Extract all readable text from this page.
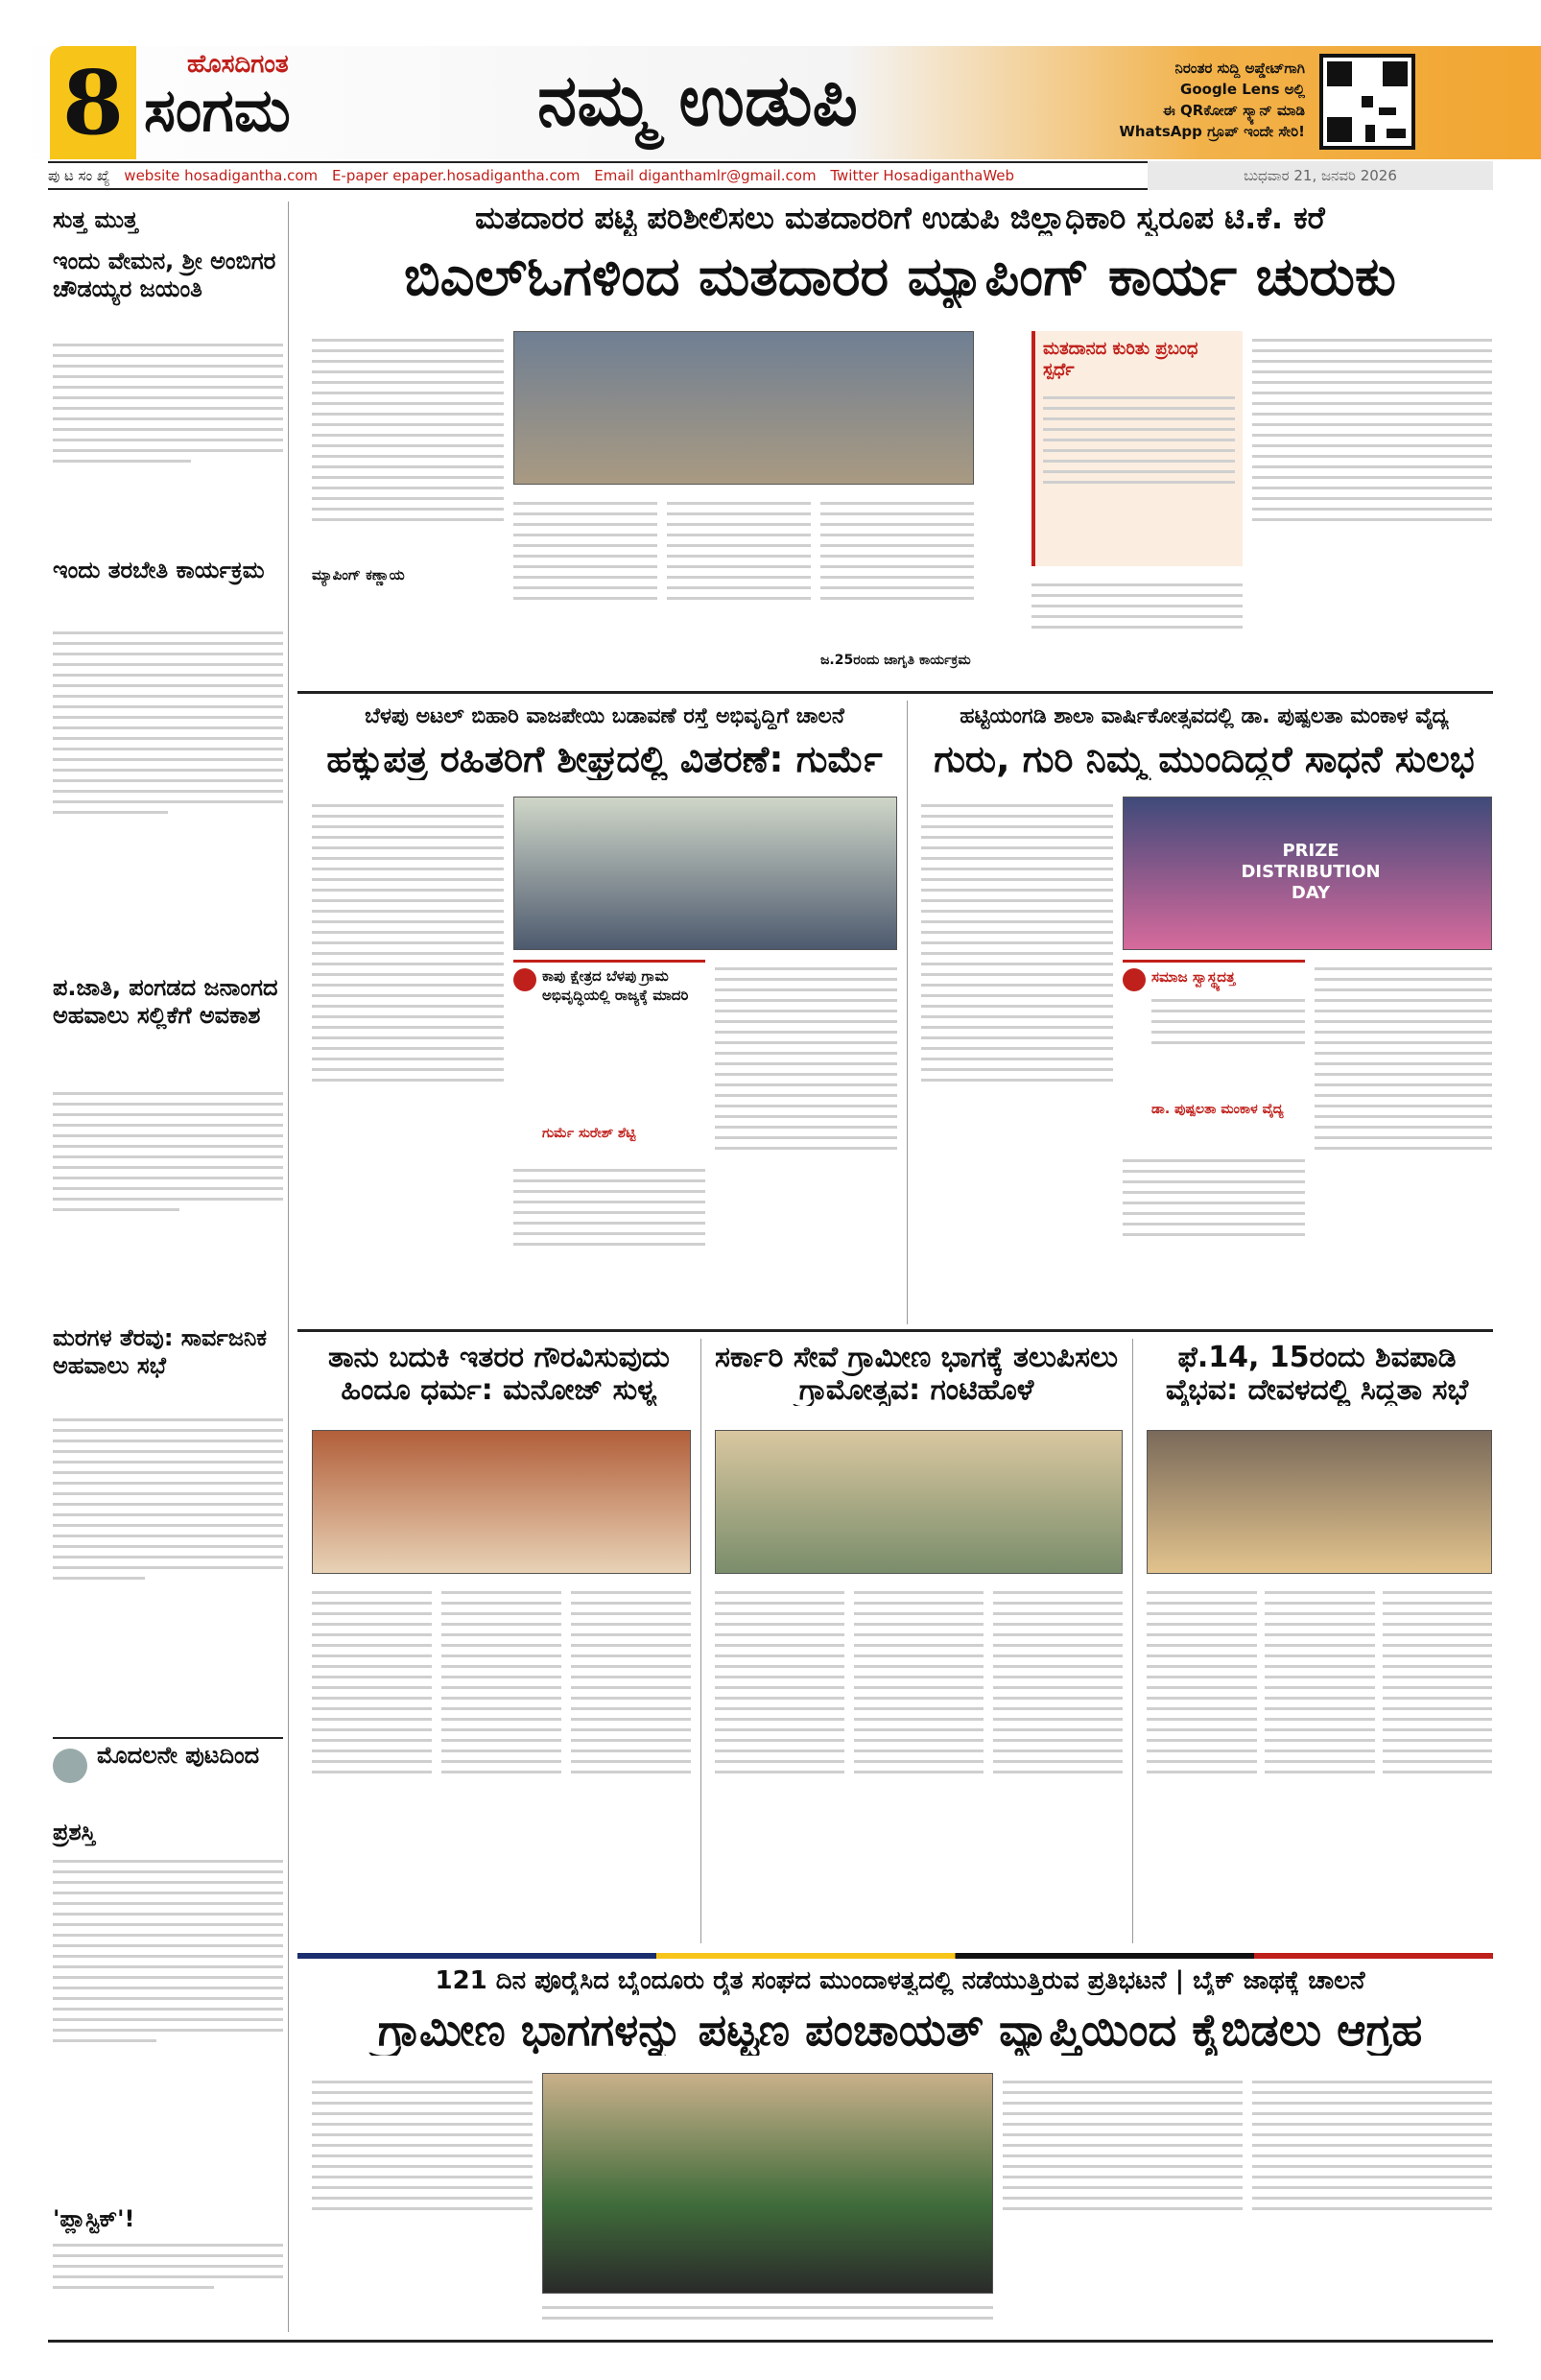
8	ಹೊಸದಿಗಂತ
ಸಂಗಮ	ನಮ್ಮ ಉಡುಪಿ	ನಿರಂತರ ಸುದ್ದಿ ಅಪ್ಡೇಟ್‌ಗಾಗಿ
Google Lens ಅಲ್ಲಿ
ಈ QRಕೋಡ್ ಸ್ಕ್ಯಾನ್ ಮಾಡಿ
WhatsApp ಗ್ರೂಪ್ ಇಂದೇ ಸೇರಿ!
ಪು ಟ ಸಂ ಖ್ಯೆ website hosadigantha.com E-paper epaper.hosadigantha.com Email diganthamlr@gmail.com Twitter HosadiganthaWeb	ಬುಧವಾರ 21, ಜನವರಿ 2026
ಸುತ್ತ ಮುತ್ತ
ಇಂದು ವೇಮನ, ಶ್ರೀ ಅಂಬಿಗರ ಚೌಡಯ್ಯರ ಜಯಂತಿ
ಇಂದು ತರಬೇತಿ ಕಾರ್ಯಕ್ರಮ
ಪ.ಜಾತಿ, ಪಂಗಡದ ಜನಾಂಗದ ಅಹವಾಲು ಸಲ್ಲಿಕೆಗೆ ಅವಕಾಶ
ಮರಗಳ ತೆರವು: ಸಾರ್ವಜನಿಕ ಅಹವಾಲು ಸಭೆ
ಮೊದಲನೇ ಪುಟದಿಂದ
ಪ್ರಶಸ್ತಿ
'ಪ್ಲಾಸ್ಟಿಕ್'!
ಮತದಾರರ ಪಟ್ಟಿ ಪರಿಶೀಲಿಸಲು ಮತದಾರರಿಗೆ ಉಡುಪಿ ಜಿಲ್ಲಾಧಿಕಾರಿ ಸ್ವರೂಪ ಟಿ.ಕೆ. ಕರೆ
ಬಿಎಲ್‌ಓಗಳಿಂದ ಮತದಾರರ ಮ್ಯಾಪಿಂಗ್ ಕಾರ್ಯ ಚುರುಕು
ಮ್ಯಾಪಿಂಗ್ ಕಣ್ಣಾಯ
ಜ.25ರಂದು ಜಾಗೃತಿ ಕಾರ್ಯಕ್ರಮ
ಮತದಾನದ ಕುರಿತು ಪ್ರಬಂಧ ಸ್ಪರ್ಧೆ
ಬೆಳಪು ಅಟಲ್ ಬಿಹಾರಿ ವಾಜಪೇಯಿ ಬಡಾವಣೆ ರಸ್ತೆ ಅಭಿವೃದ್ಧಿಗೆ ಚಾಲನೆ
ಹಕ್ಕುಪತ್ರ ರಹಿತರಿಗೆ ಶೀಘ್ರದಲ್ಲಿ ವಿತರಣೆ: ಗುರ್ಮೆ
ಕಾಪು ಕ್ಷೇತ್ರದ ಬೆಳಪು ಗ್ರಾಮ ಅಭಿವೃದ್ಧಿಯಲ್ಲಿ ರಾಜ್ಯಕ್ಕೆ ಮಾದರಿ
ಗುರ್ಮೆ ಸುರೇಶ್ ಶೆಟ್ಟಿ
ಹಟ್ಟಿಯಂಗಡಿ ಶಾಲಾ ವಾರ್ಷಿಕೋತ್ಸವದಲ್ಲಿ ಡಾ. ಪುಷ್ಪಲತಾ ಮಂಕಾಳ ವೈದ್ಯ
ಗುರು, ಗುರಿ ನಿಮ್ಮ ಮುಂದಿದ್ದರೆ ಸಾಧನೆ ಸುಲಭ
PRIZE DISTRIBUTION DAY
ಸಮಾಜ ಸ್ವಾಸ್ಥ್ಯದತ್ತ
ಡಾ. ಪುಷ್ಪಲತಾ ಮಂಕಾಳ ವೈದ್ಯ
ತಾನು ಬದುಕಿ ಇತರರ ಗೌರವಿಸುವುದು ಹಿಂದೂ ಧರ್ಮ: ಮನೋಜ್ ಸುಳ್ಯ
ಸರ್ಕಾರಿ ಸೇವೆ ಗ್ರಾಮೀಣ ಭಾಗಕ್ಕೆ ತಲುಪಿಸಲು ಗ್ರಾಮೋತ್ಸವ: ಗಂಟಿಹೊಳೆ
ಫೆ.14, 15ರಂದು ಶಿವಪಾಡಿ ವೈಭವ: ದೇವಳದಲ್ಲಿ ಸಿದ್ಧತಾ ಸಭೆ
121 ದಿನ ಪೂರೈಸಿದ ಬೈಂದೂರು ರೈತ ಸಂಘದ ಮುಂದಾಳತ್ವದಲ್ಲಿ ನಡೆಯುತ್ತಿರುವ ಪ್ರತಿಭಟನೆ | ಬೈಕ್ ಜಾಥಕ್ಕೆ ಚಾಲನೆ
ಗ್ರಾಮೀಣ ಭಾಗಗಳನ್ನು ಪಟ್ಟಣ ಪಂಚಾಯತ್ ವ್ಯಾಪ್ತಿಯಿಂದ ಕೈಬಿಡಲು ಆಗ್ರಹ
